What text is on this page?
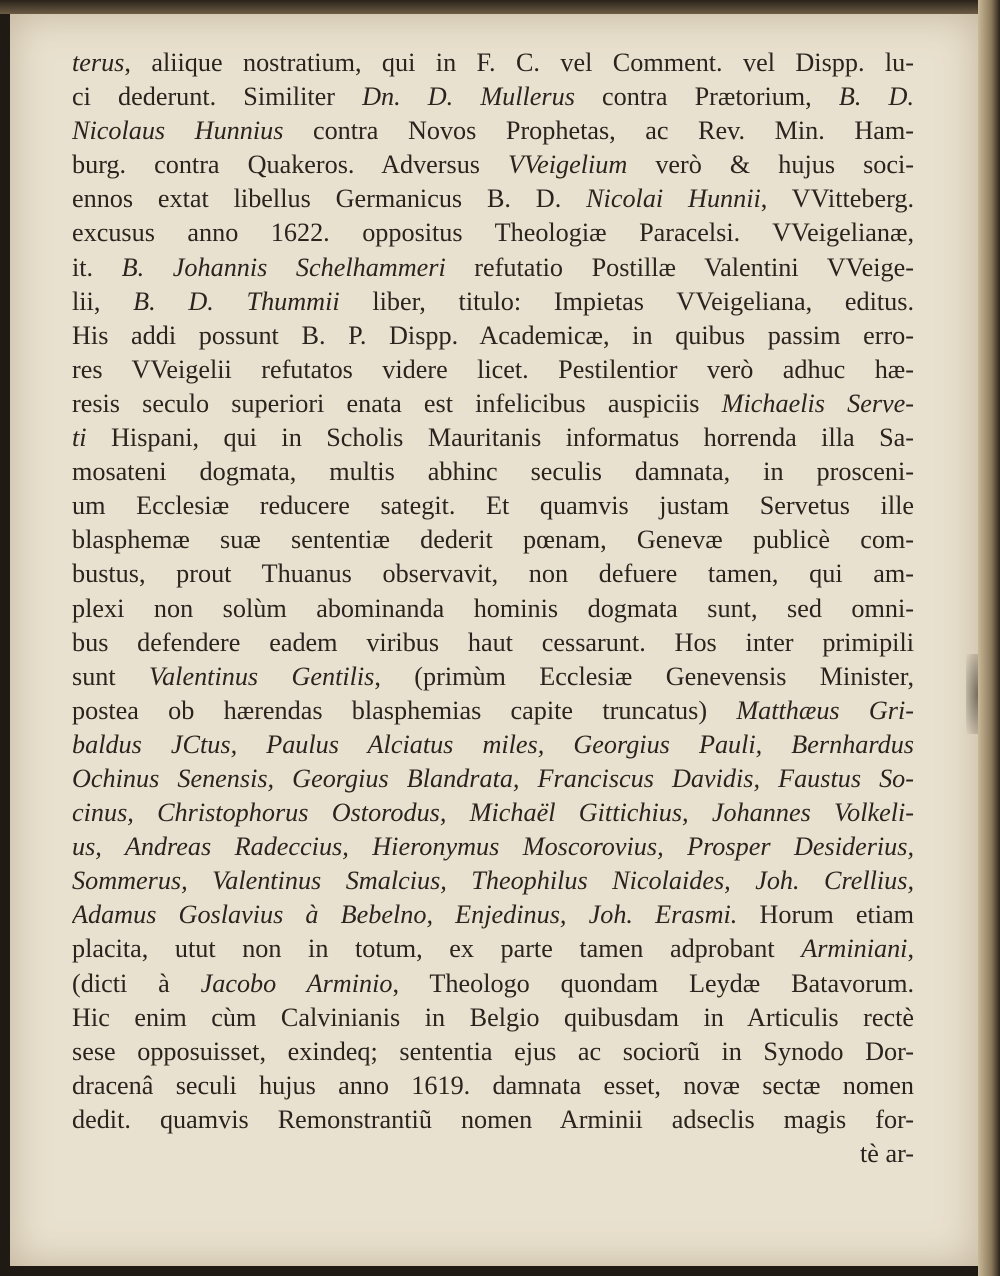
terus, aliique nostratium, qui in F. C. vel Comment. vel Dispp. lu-
ci dederunt. Similiter Dn. D. Mullerus contra Prætorium, B. D.
Nicolaus Hunnius contra Novos Prophetas, ac Rev. Min. Ham-
burg. contra Quakeros. Adversus VVeigelium verò & hujus soci-
ennos extat libellus Germanicus B. D. Nicolai Hunnii, VVitteberg.
excusus anno 1622. oppositus Theologiæ Paracelsi. VVeigelianæ,
it. B. Johannis Schelhammeri refutatio Postillæ Valentini VVeige-
lii, B. D. Thummii liber, titulo: Impietas VVeigeliana, editus.
His addi possunt B. P. Dispp. Academicæ, in quibus passim erro-
res VVeigelii refutatos videre licet. Pestilentior verò adhuc hæ-
resis seculo superiori enata est infelicibus auspiciis Michaelis Serve-
ti Hispani, qui in Scholis Mauritanis informatus horrenda illa Sa-
mosateni dogmata, multis abhinc seculis damnata, in prosceni-
um Ecclesiæ reducere sategit. Et quamvis justam Servetus ille
blasphemæ suæ sententiæ dederit pœnam, Genevæ publicè com-
bustus, prout Thuanus observavit, non defuere tamen, qui am-
plexi non solùm abominanda hominis dogmata sunt, sed omni-
bus defendere eadem viribus haut cessarunt. Hos inter primipili
sunt Valentinus Gentilis, (primùm Ecclesiæ Genevensis Minister,
postea ob hærendas blasphemias capite truncatus) Matthæus Gri-
baldus JCtus, Paulus Alciatus miles, Georgius Pauli, Bernhardus
Ochinus Senensis, Georgius Blandrata, Franciscus Davidis, Faustus So-
cinus, Christophorus Ostorodus, Michaël Gittichius, Johannes Volkeli-
us, Andreas Radeccius, Hieronymus Moscorovius, Prosper Desiderius,
Sommerus, Valentinus Smalcius, Theophilus Nicolaides, Joh. Crellius,
Adamus Goslavius à Bebelno, Enjedinus, Joh. Erasmi. Horum etiam
placita, utut non in totum, ex parte tamen adprobant Arminiani,
(dicti à Jacobo Arminio, Theologo quondam Leydæ Batavorum.
Hic enim cùm Calvinianis in Belgio quibusdam in Articulis rectè
sese opposuisset, exindeq; sententia ejus ac sociorũ in Synodo Dor-
dracenâ seculi hujus anno 1619. damnata esset, novæ sectæ nomen
dedit. quamvis Remonstrantiũ nomen Arminii adseclis magis for-
tè ar-
